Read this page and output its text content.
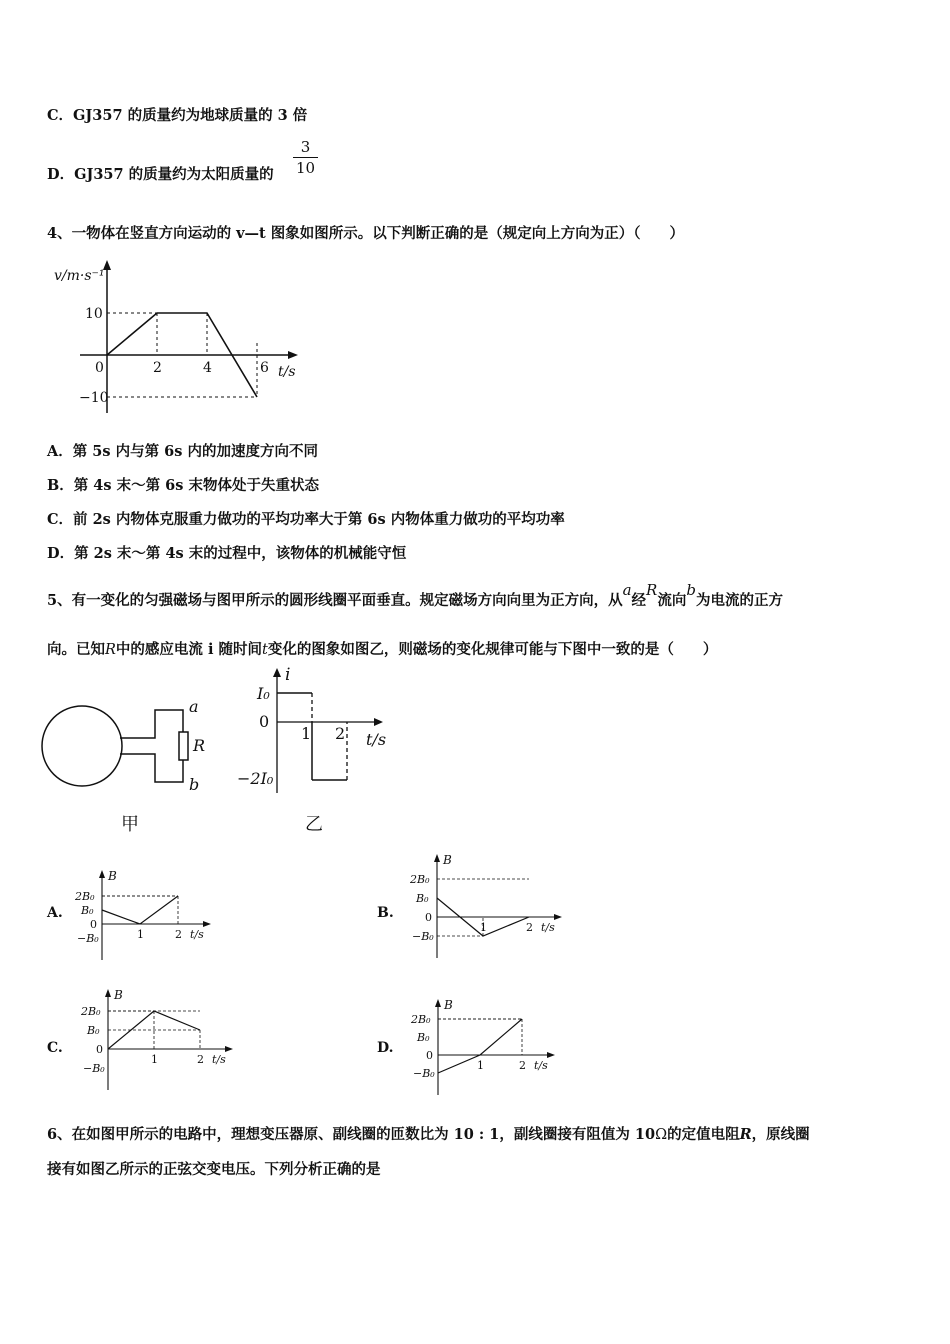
C．GJ357 的质量约为地球质量的 3 倍
D．GJ357 的质量约为太阳质量的
3
10
4、一物体在竖直方向运动的 v—t 图象如图所示。以下判断正确的是（规定向上方向为正）（　　）
v/m·s⁻¹
t/s
10
−10
0	2	4	6
A．第 5s 内与第 6s 内的加速度方向不同
B．第 4s 末～第 6s 末物体处于失重状态
C．前 2s 内物体克服重力做功的平均功率大于第 6s 内物体重力做功的平均功率
D．第 2s 末～第 4s 末的过程中，该物体的机械能守恒
5、有一变化的匀强磁场与图甲所示的圆形线圈平面垂直。规定磁场方向向里为正方向，从a经R流向b为电流的正方
向。已知R中的感应电流 i 随时间t变化的图象如图乙，则磁场的变化规律可能与下图中一致的是（　　）
a
R
b
甲
i
t/s
I₀
0
−2I₀
1 2
乙
A.
B
2B₀
B₀
0
−B₀	1	2 t/s
B.
B
2B₀
B₀
0
−B₀
1	2 t/s
C.
B
2B₀
B₀
0
−B₀
1	2 t/s
D.
B
2B₀
B₀
0
−B₀
1	2 t/s
6、在如图甲所示的电路中，理想变压器原、副线圈的匝数比为 10 : 1，副线圈接有阻值为 10Ω的定值电阻R，原线圈
接有如图乙所示的正弦交变电压。下列分析正确的是
